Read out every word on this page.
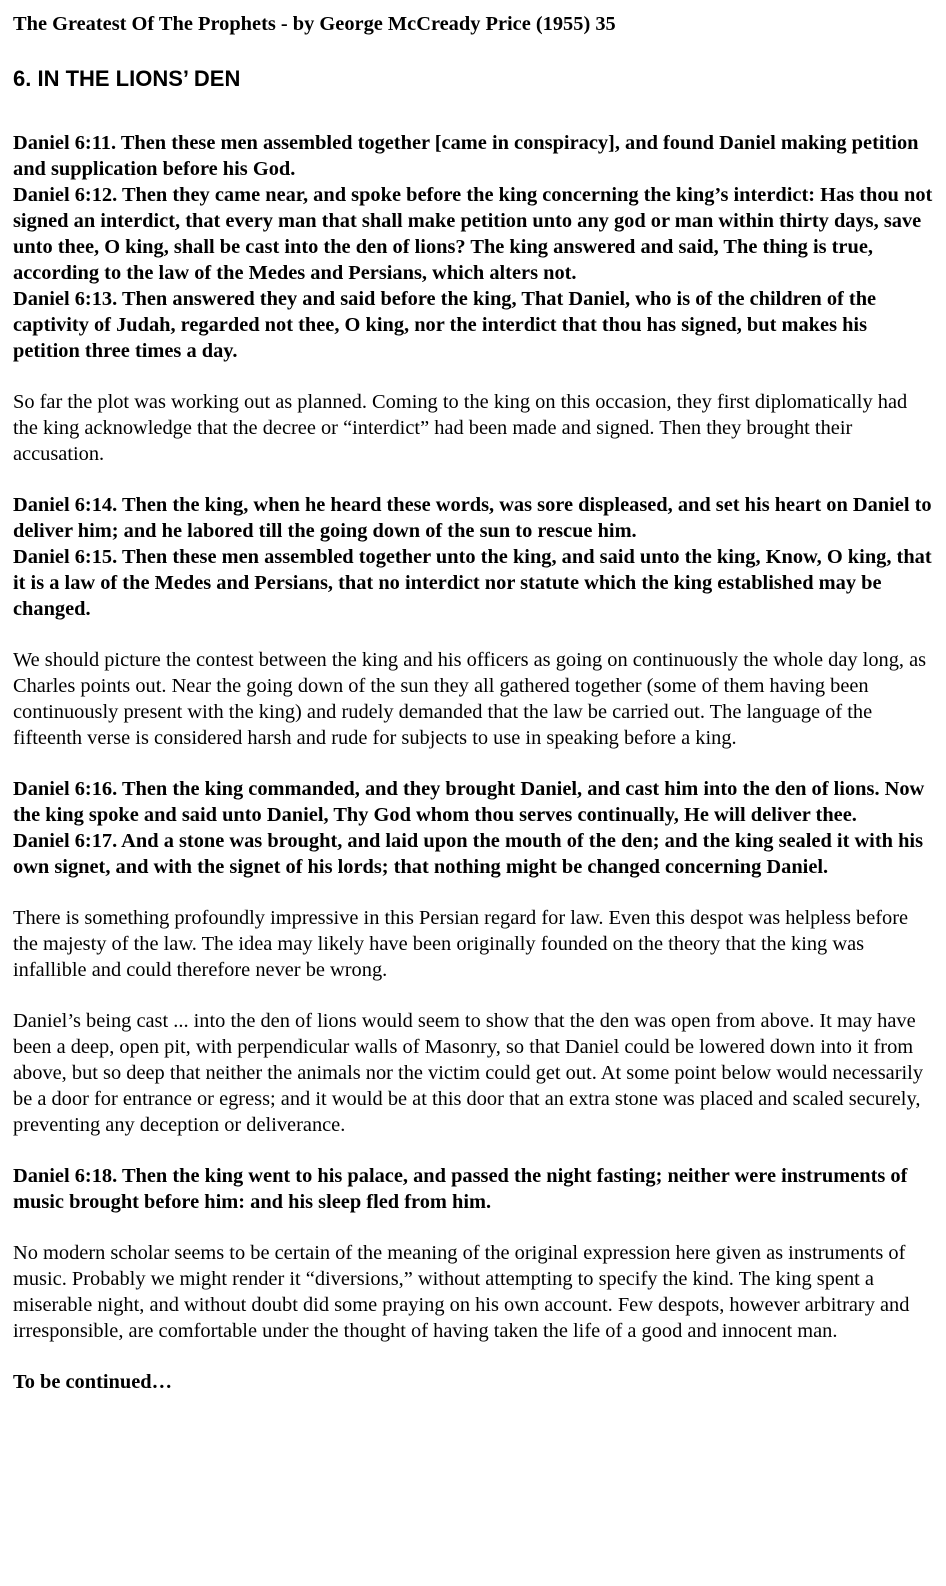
The Greatest Of The Prophets - by George McCready Price (1955) 35

6. IN THE LIONS’ DEN

Daniel 6:11. Then these men assembled together [came in conspiracy], and found Daniel making petition and supplication before his God.

Daniel 6:12. Then they came near, and spoke before the king concerning the king’s interdict: Has thou not signed an interdict, that every man that shall make petition unto any god or man within thirty days, save unto thee, O king, shall be cast into the den of lions? The king answered and said, The thing is true, according to the law of the Medes and Persians, which alters not.

Daniel 6:13. Then answered they and said before the king, That Daniel, who is of the children of the captivity of Judah, regarded not thee, O king, nor the interdict that thou has signed, but makes his petition three times a day.

So far the plot was working out as planned. Coming to the king on this occasion, they first diplomatically had the king acknowledge that the decree or “interdict” had been made and signed. Then they brought their accusation.

Daniel 6:14. Then the king, when he heard these words, was sore displeased, and set his heart on Daniel to deliver him; and he labored till the going down of the sun to rescue him.

Daniel 6:15. Then these men assembled together unto the king, and said unto the king, Know, O king, that it is a law of the Medes and Persians, that no interdict nor statute which the king established may be changed.

We should picture the contest between the king and his officers as going on continuously the whole day long, as Charles points out. Near the going down of the sun they all gathered together (some of them having been continuously present with the king) and rudely demanded that the law be carried out. The language of the fifteenth verse is considered harsh and rude for subjects to use in speaking before a king.

Daniel 6:16. Then the king commanded, and they brought Daniel, and cast him into the den of lions. Now the king spoke and said unto Daniel, Thy God whom thou serves continually, He will deliver thee.

Daniel 6:17. And a stone was brought, and laid upon the mouth of the den; and the king sealed it with his own signet, and with the signet of his lords; that nothing might be changed concerning Daniel.

There is something profoundly impressive in this Persian regard for law. Even this despot was helpless before the majesty of the law. The idea may likely have been originally founded on the theory that the king was infallible and could therefore never be wrong.

Daniel’s being cast ... into the den of lions would seem to show that the den was open from above. It may have been a deep, open pit, with perpendicular walls of Masonry, so that Daniel could be lowered down into it from above, but so deep that neither the animals nor the victim could get out. At some point below would necessarily be a door for entrance or egress; and it would be at this door that an extra stone was placed and scaled securely, preventing any deception or deliverance.

Daniel 6:18. Then the king went to his palace, and passed the night fasting; neither were instruments of music brought before him: and his sleep fled from him.

No modern scholar seems to be certain of the meaning of the original expression here given as instruments of music. Probably we might render it “diversions,” without attempting to specify the kind. The king spent a miserable night, and without doubt did some praying on his own account. Few despots, however arbitrary and irresponsible, are comfortable under the thought of having taken the life of a good and innocent man.

To be continued…
